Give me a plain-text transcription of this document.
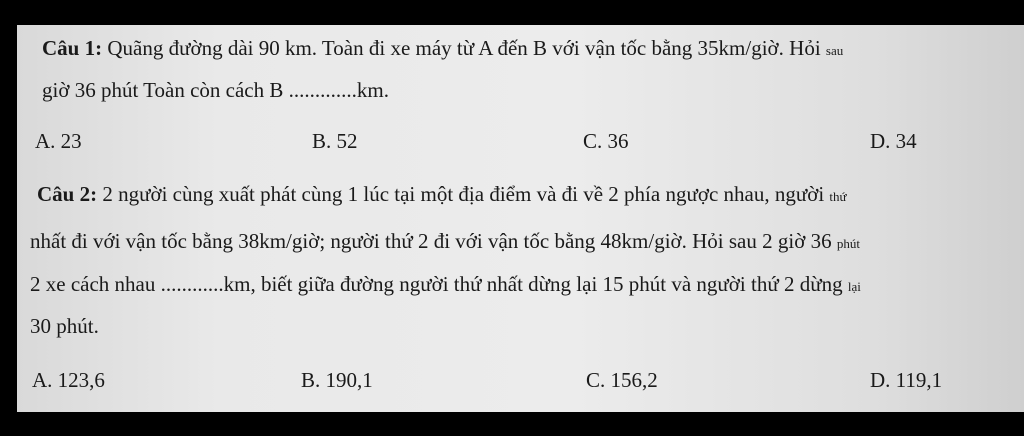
Câu 1: Quãng đường dài 90 km. Toàn đi xe máy từ A đến B với vận tốc bằng 35km/giờ. Hỏi sau
giờ 36 phút Toàn còn cách B .............km.
A. 23	B. 52	C. 36	D. 34
Câu 2: 2 người cùng xuất phát cùng 1 lúc tại một địa điểm và đi về 2 phía ngược nhau, người thứ
nhất đi với vận tốc bằng 38km/giờ; người thứ 2 đi với vận tốc bằng 48km/giờ. Hỏi sau 2 giờ 36 phút
2 xe cách nhau ............km, biết giữa đường người thứ nhất dừng lại 15 phút và người thứ 2 dừng lại
30 phút.
A. 123,6	B. 190,1	C. 156,2	D. 119,1
